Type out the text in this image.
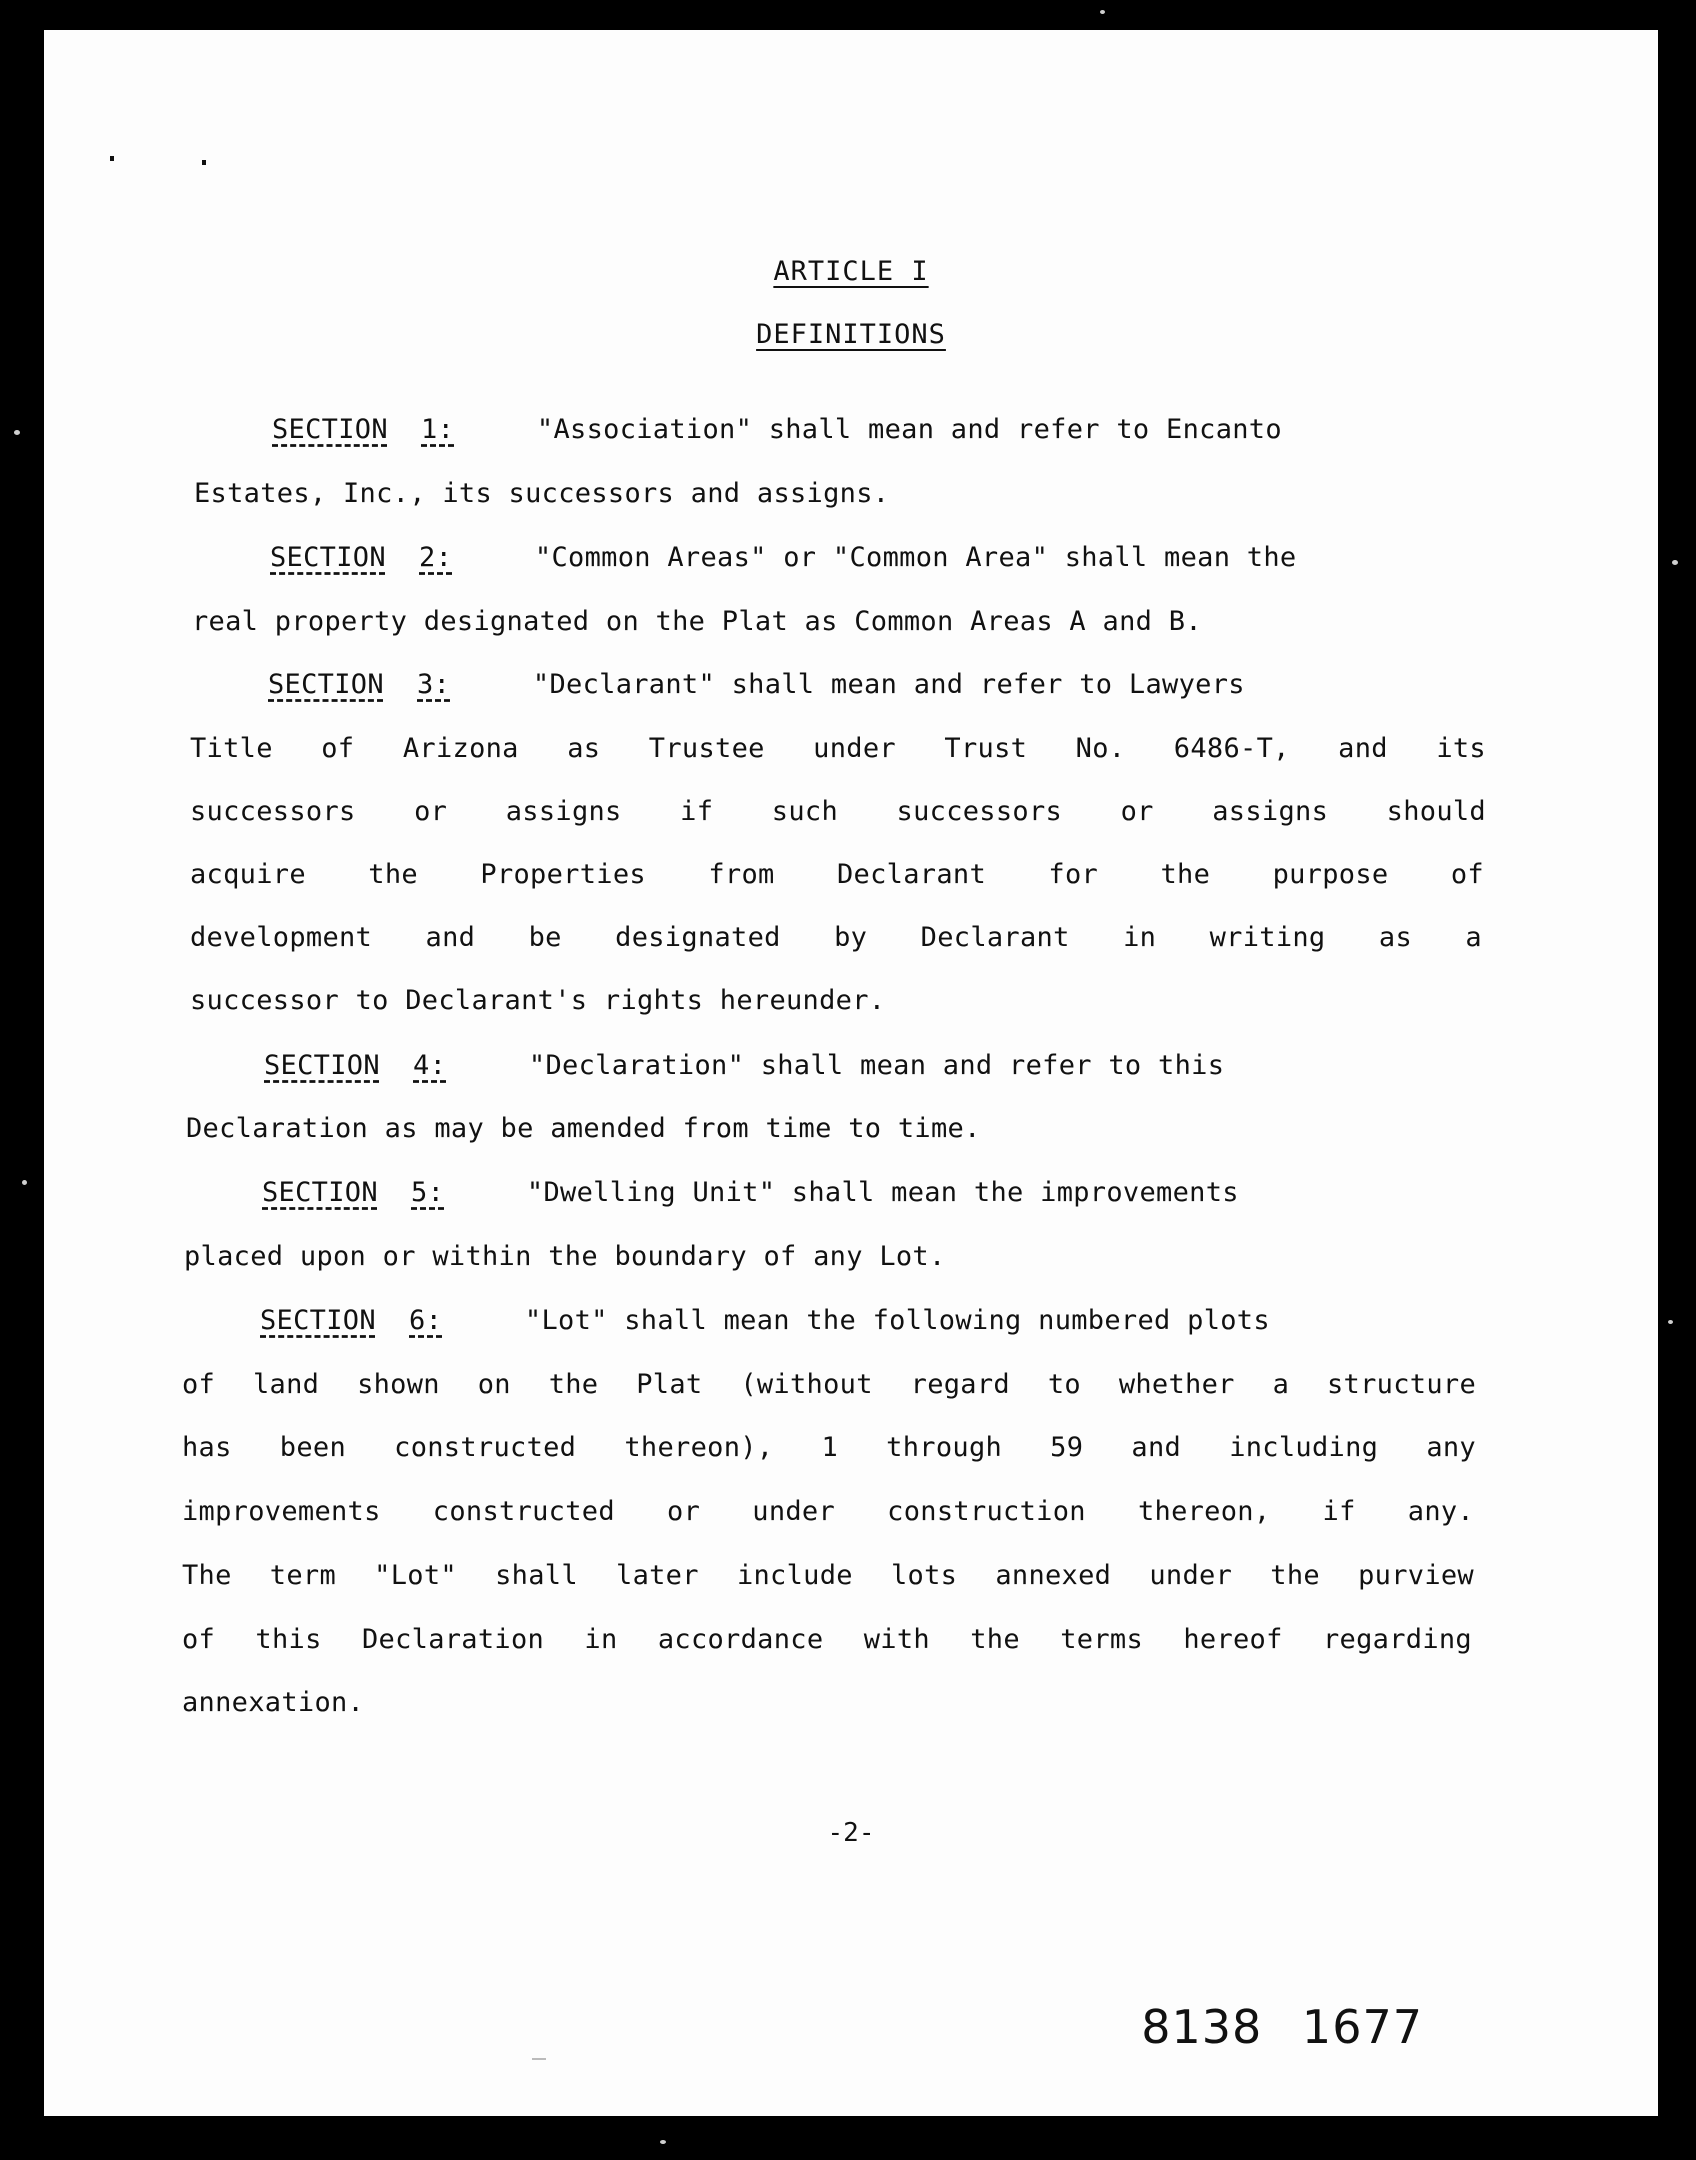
ARTICLE I
DEFINITIONS
SECTION 1:	"Association" shall mean and refer to Encanto
Estates, Inc., its successors and assigns.
SECTION 2:	"Common Areas" or "Common Area" shall mean the
real property designated on the Plat as Common Areas A and B.
SECTION 3:	"Declarant" shall mean and refer to Lawyers
Title of Arizona as Trustee under Trust No. 6486-T, and its
successors or assigns if such successors or assigns should
acquire the Properties from Declarant for the purpose of
development and be designated by Declarant in writing as a
successor to Declarant's rights hereunder.
SECTION 4:	"Declaration" shall mean and refer to this
Declaration as may be amended from time to time.
SECTION 5:	"Dwelling Unit" shall mean the improvements
placed upon or within the boundary of any Lot.
SECTION 6:	"Lot" shall mean the following numbered plots
of land shown on the Plat (without regard to whether a structure
has been constructed thereon), 1 through 59 and including any
improvements constructed or under construction thereon, if any.
The term "Lot" shall later include lots annexed under the purview
of this Declaration in accordance with the terms hereof regarding
annexation.
-2-
8138 1677
